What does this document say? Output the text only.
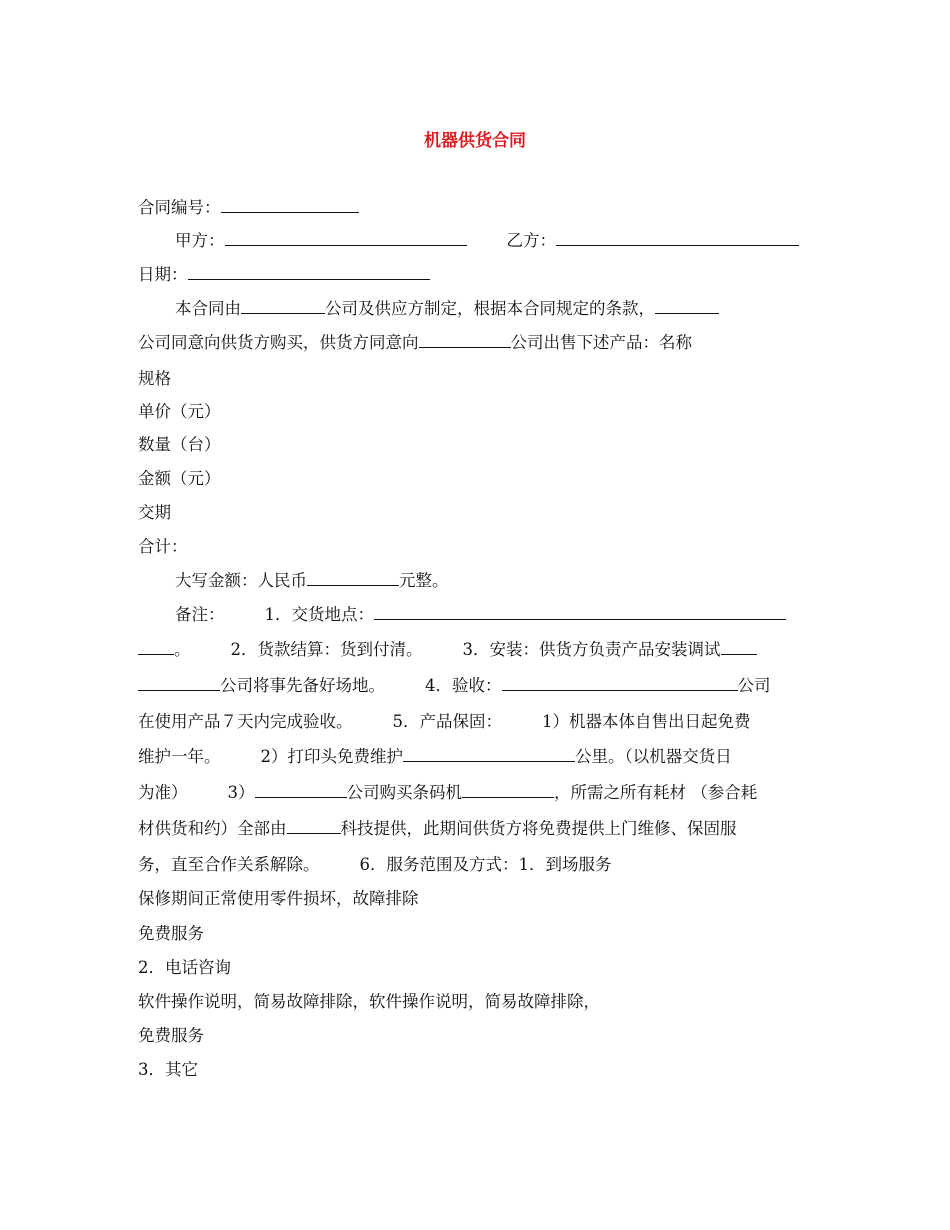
机器供货合同
合同编号：
甲方：	乙方：
日期：
本合同由	公司及供应方制定，根据本合同规定的条款，
公司同意向供货方购买，供货方同意向	公司出售下述产品：名称
规格
单价（元）
数量（台）
金额（元）
交期
合计：
大写金额：人民币	元整。
备注： 1．交货地点：
。 2．货款结算：货到付清。 3．安装：供货方负责产品安装调试
公司将事先备好场地。 4．验收：	公司
在使用产品７天内完成验收。 5．产品保固： 1）机器本体自售出日起免费
维护一年。 2）打印头免费维护	公里。（以机器交货日
为准） 3）	公司购买条码机	，所需之所有耗材 （参合耗
材供货和约）全部由	科技提供，此期间供货方将免费提供上门维修、保固服
务，直至合作关系解除。 6．服务范围及方式：1．到场服务
保修期间正常使用零件损坏，故障排除
免费服务
2．电话咨询
软件操作说明，简易故障排除，软件操作说明，简易故障排除，
免费服务
3．其它
